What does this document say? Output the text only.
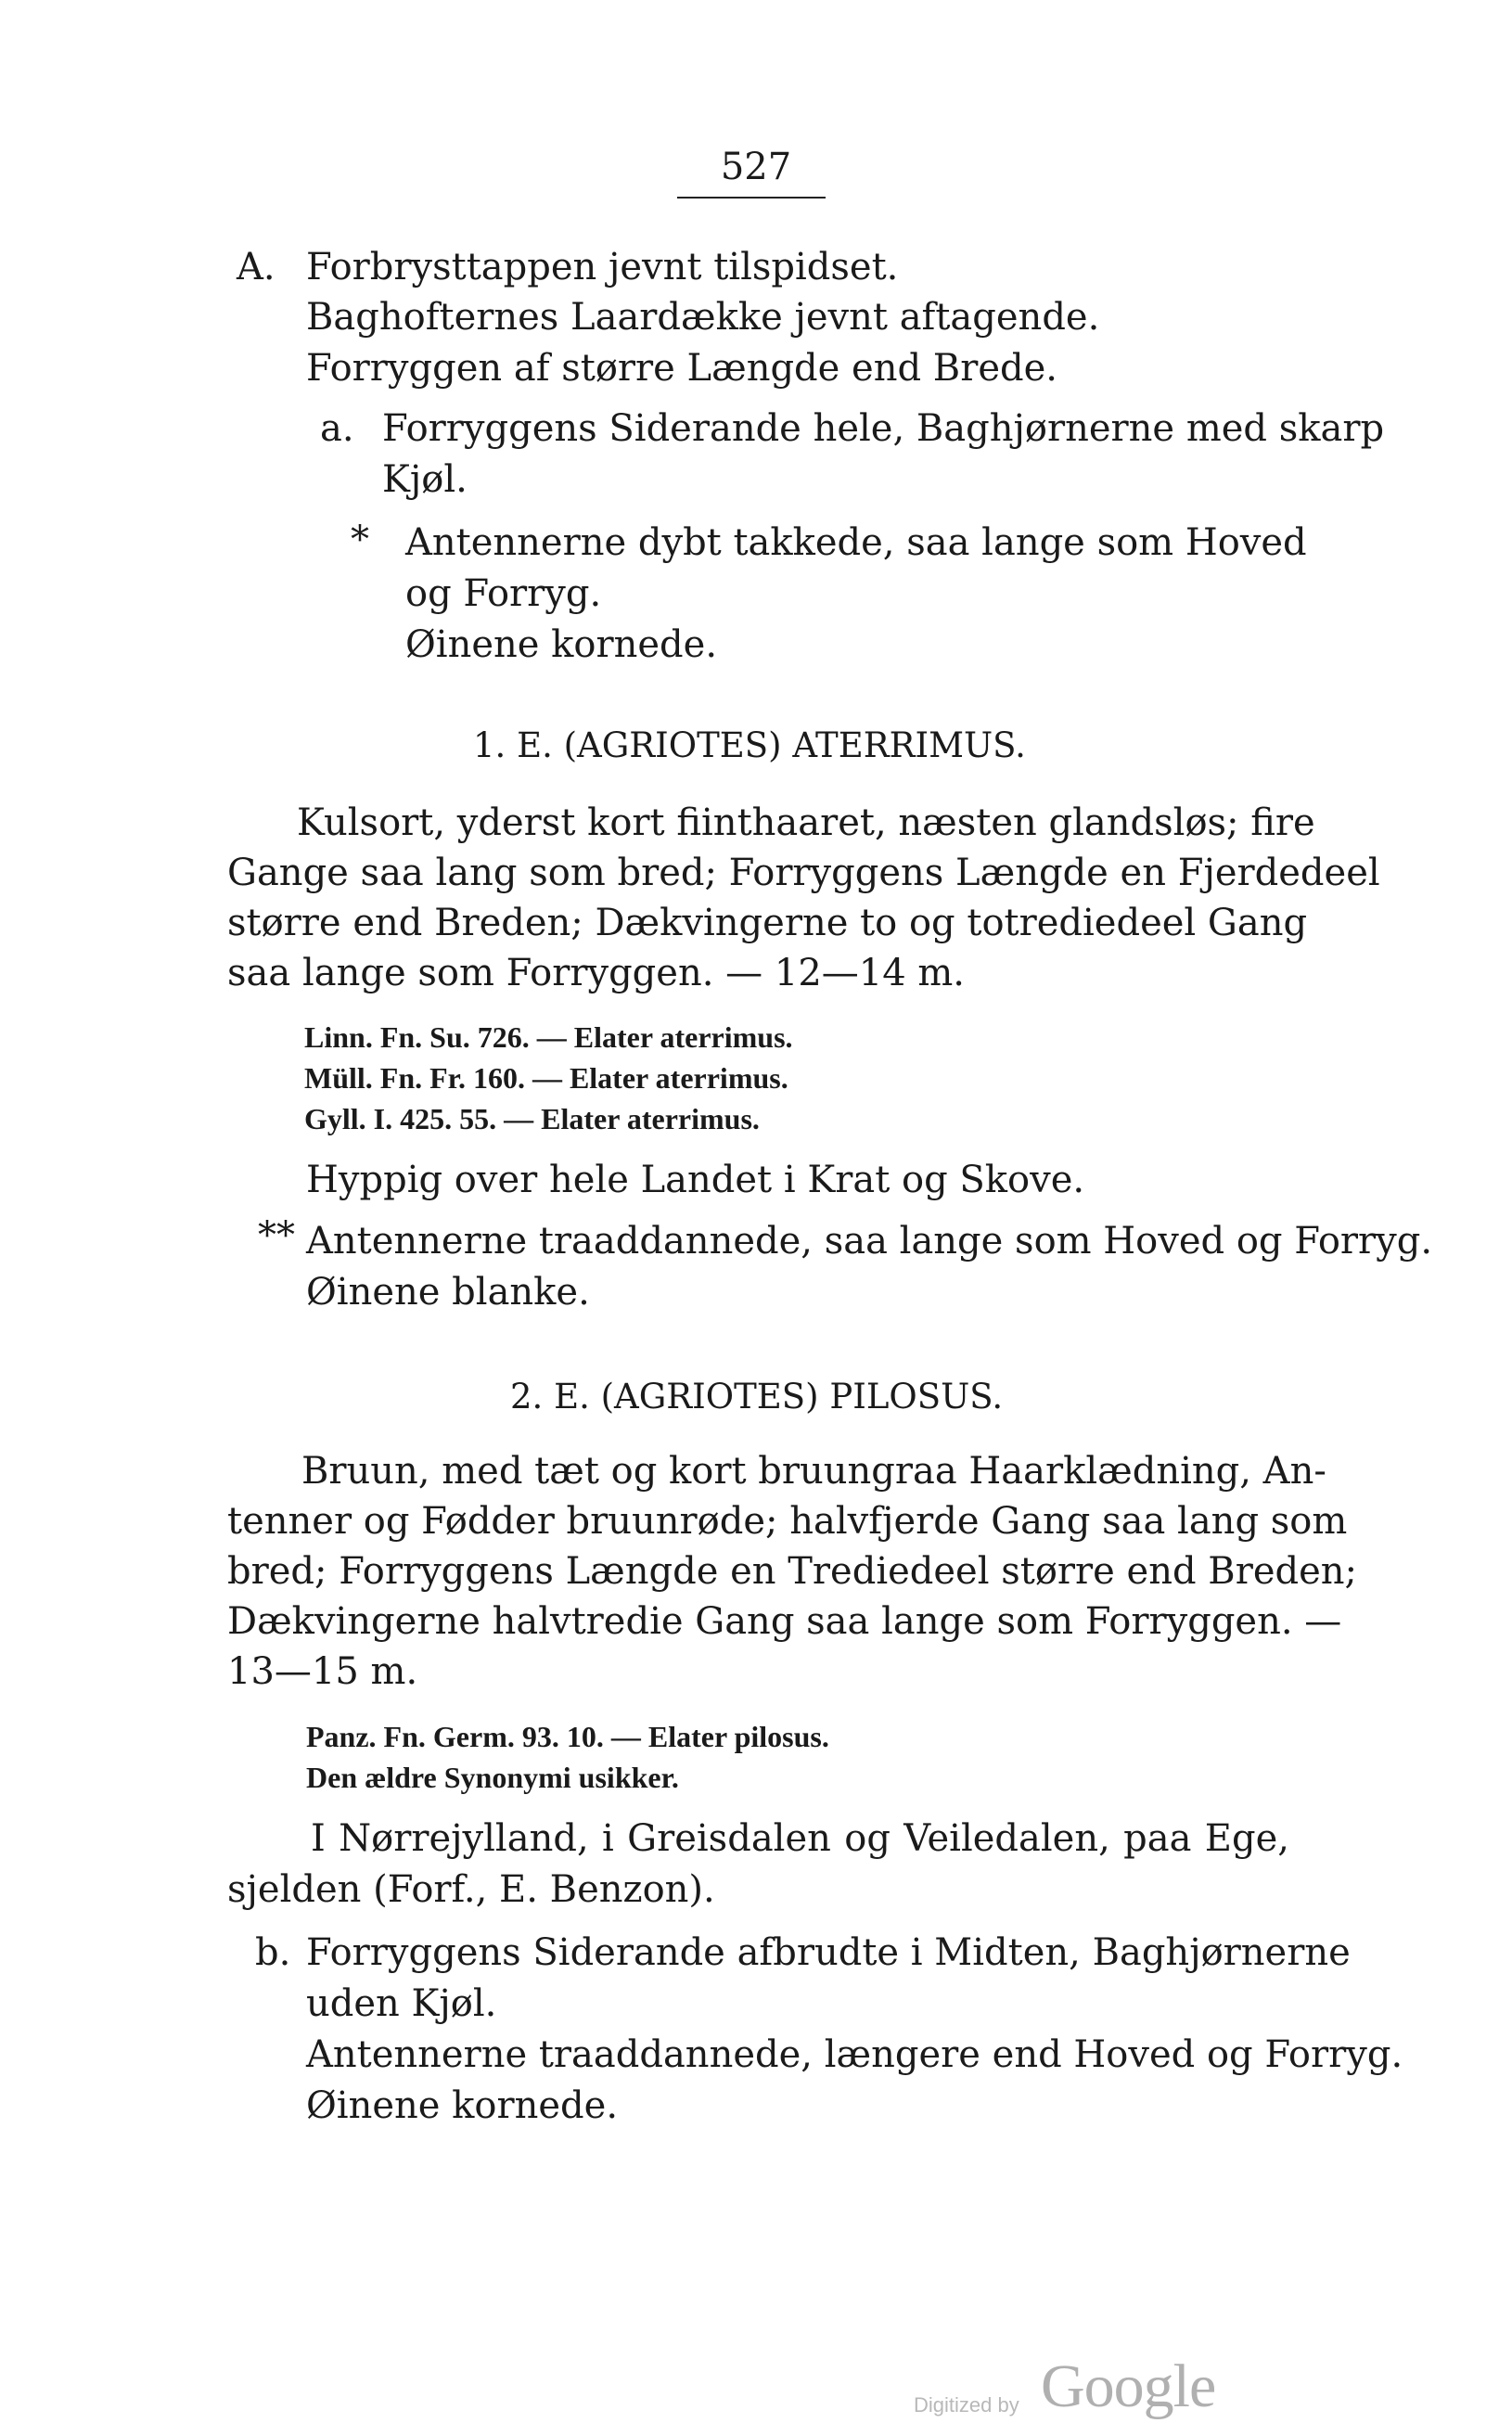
527
A. Forbrysttappen jevnt tilspidset.
Baghofternes Laardække jevnt aftagende.
Forryggen af større Længde end Brede.
a. Forryggens Siderande hele, Baghjørnerne med skarp
Kjøl.
* Antennerne dybt takkede, saa lange som Hoved
og Forryg.
Øinene kornede.
1. E. (AGRIOTES) ATERRIMUS.
Kulsort, yderst kort fiinthaaret, næsten glandsløs; fire
Gange saa lang som bred; Forryggens Længde en Fjerdedeel
større end Breden; Dækvingerne to og totrediedeel Gang
saa lange som Forryggen. — 12—14 m.
Linn. Fn. Su. 726. — Elater aterrimus.
Müll. Fn. Fr. 160. — Elater aterrimus.
Gyll. I. 425. 55. — Elater aterrimus.
Hyppig over hele Landet i Krat og Skove.
** Antennerne traaddannede, saa lange som Hoved og Forryg.
Øinene blanke.
2. E. (AGRIOTES) PILOSUS.
Bruun, med tæt og kort bruungraa Haarklædning, An-
tenner og Fødder bruunrøde; halvfjerde Gang saa lang som
bred; Forryggens Længde en Trediedeel større end Breden;
Dækvingerne halvtredie Gang saa lange som Forryggen. —
13—15 m.
Panz. Fn. Germ. 93. 10. — Elater pilosus.
Den ældre Synonymi usikker.
I Nørrejylland, i Greisdalen og Veiledalen, paa Ege,
sjelden (Forf., E. Benzon).
b. Forryggens Siderande afbrudte i Midten, Baghjørnerne
uden Kjøl.
Antennerne traaddannede, længere end Hoved og Forryg.
Øinene kornede.
Digitized by Google
